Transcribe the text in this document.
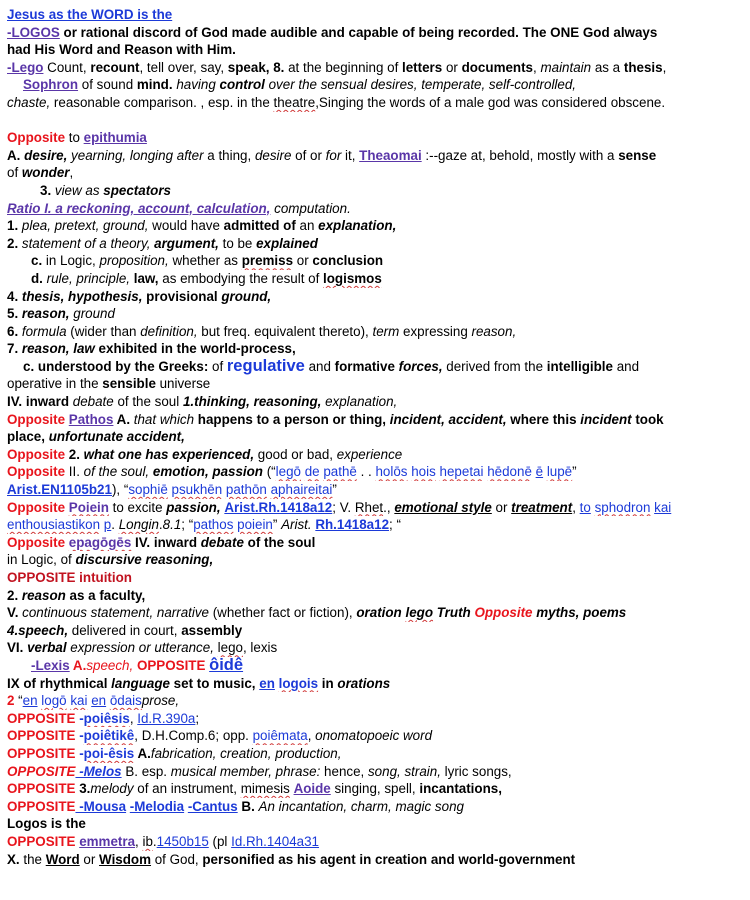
Jesus as the WORD is the
-LOGOS or rational discord of God made audible and capable of being recorded. The ONE God always
had His Word and Reason with Him.
-Lego Count, recount, tell over, say, speak, 8. at the beginning of letters or documents, maintain as a thesis,
Sophron of sound mind. having control over the sensual desires, temperate, self-controlled,
chaste, reasonable comparison. , esp. in the theatre,Singing the words of a male god was considered obscene.
Opposite to epithumia
A. desire, yearning, longing after a thing, desire of or for it, Theaomai :--gaze at, behold, mostly with a sense
of wonder,
3. view as spectators
Ratio I. a reckoning, account, calculation, computation.
1. plea, pretext, ground, would have admitted of an explanation,
2. statement of a theory, argument, to be explained
c. in Logic, proposition, whether as premiss or conclusion
d. rule, principle, law, as embodying the result of logismos
4. thesis, hypothesis, provisional ground,
5. reason, ground
6. formula (wider than definition, but freq. equivalent thereto), term expressing reason,
7. reason, law exhibited in the world-process,
c. understood by the Greeks: of regulative and formative forces, derived from the intelligible and
operative in the sensible universe
IV. inward debate of the soul 1.thinking, reasoning, explanation,
Opposite Pathos A. that which happens to a person or thing, incident, accident, where this incident took
place, unfortunate accident,
Opposite 2. what one has experienced, good or bad, experience
Opposite II. of the soul, emotion, passion (“legō de pathē . . holōs hois hepetai hēdonē ē lupē”
Arist.EN1105b21), “sophiē psukhēn pathōn aphaireitai”
Opposite Poiein to excite passion, Arist.Rh.1418a12; V. Rhet., emotional style or treatment, to sphodron kai
enthousiastikon p. Longin.8.1; “pathos poiein” Arist. Rh.1418a12; “
Opposite epagōgēs IV. inward debate of the soul
in Logic, of discursive reasoning,
OPPOSITE intuition
2. reason as a faculty,
V. continuous statement, narrative (whether fact or fiction), oration lego Truth Opposite myths, poems
4.speech, delivered in court, assembly
VI. verbal expression or utterance, lego, lexis
-Lexis A.speech, OPPOSITE ôidê
IX of rhythmical language set to music, en logois in orations
2 “en logō kai en ōdaisprose,
OPPOSITE -poiêsis, Id.R.390a;
OPPOSITE -poiêtikê, D.H.Comp.6; opp. poiêmata, onomatopoeic word
OPPOSITE -poi-êsis A.fabrication, creation, production,
OPPOSITE -Melos B. esp. musical member, phrase: hence, song, strain, lyric songs,
OPPOSITE 3.melody of an instrument, mimesis Aoide singing, spell, incantations,
OPPOSITE -Mousa -Melodia -Cantus B. An incantation, charm, magic song
Logos is the
OPPOSITE emmetra, ib.1450b15 (pl Id.Rh.1404a31
X. the Word or Wisdom of God, personified as his agent in creation and world-government
